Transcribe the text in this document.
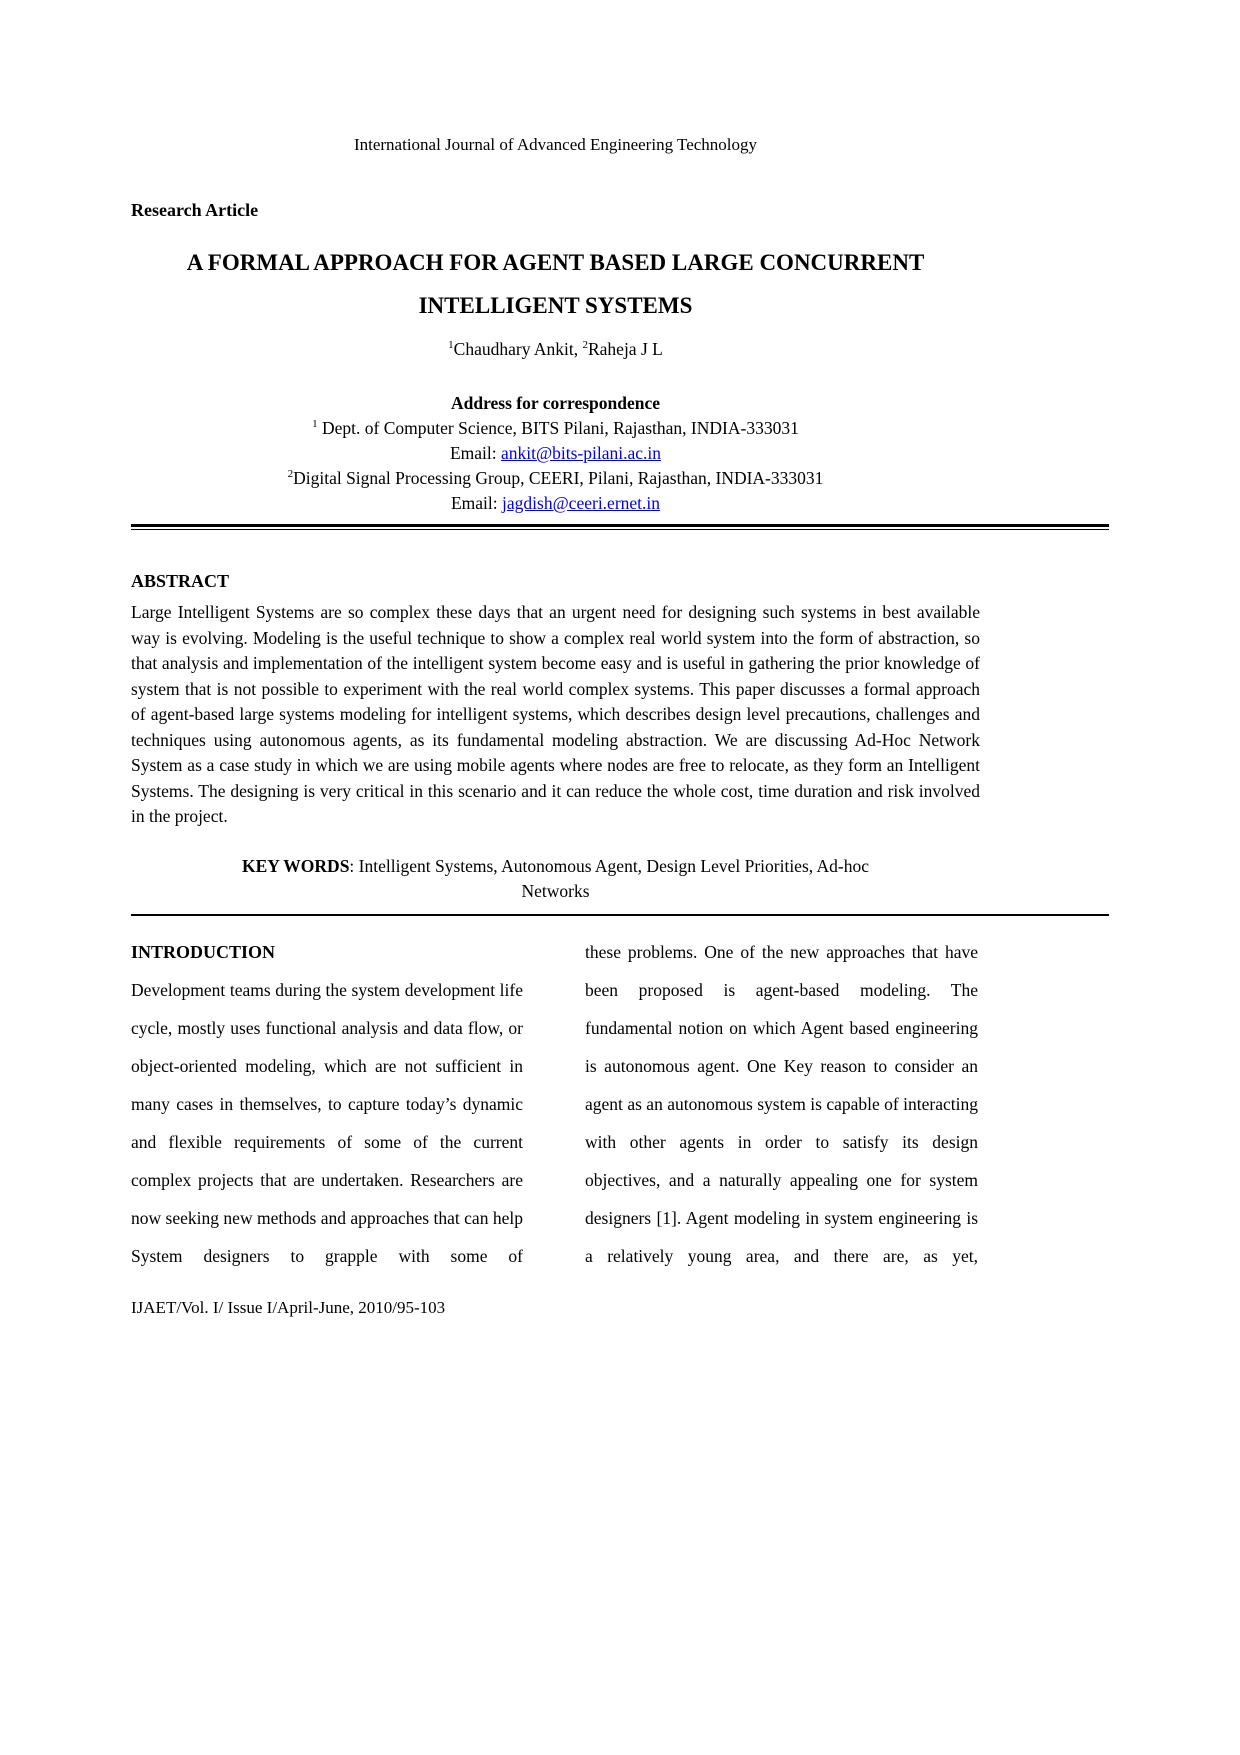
International Journal of Advanced Engineering Technology
Research Article
A FORMAL APPROACH FOR AGENT BASED LARGE CONCURRENT
INTELLIGENT SYSTEMS
$^1$Chaudhary Ankit, $^2$Raheja J L
Address for correspondence
$^1$ Dept. of Computer Science, BITS Pilani, Rajasthan, INDIA-333031
Email: ankit@bits-pilani.ac.in
$^2$Digital Signal Processing Group, CEERI, Pilani, Rajasthan, INDIA-333031
Email: jagdish@ceeri.ernet.in
ABSTRACT

Large Intelligent Systems are so complex these days that an urgent need for designing such systems in best available way is evolving. Modeling is the useful technique to show a complex real world system into the form of abstraction, so that analysis and implementation of the intelligent system become easy and is useful in gathering the prior knowledge of system that is not possible to experiment with the real world complex systems. This paper discusses a formal approach of agent-based large systems modeling for intelligent systems, which describes design level precautions, challenges and techniques using autonomous agents, as its fundamental modeling abstraction. We are discussing Ad-Hoc Network System as a case study in which we are using mobile agents where nodes are free to relocate, as they form an Intelligent Systems. The designing is very critical in this scenario and it can reduce the whole cost, time duration and risk involved in the project.

KEY WORDS: Intelligent Systems, Autonomous Agent, Design Level Priorities, Ad-hoc
Networks
INTRODUCTION

Development teams during the system development life cycle, mostly uses functional analysis and data flow, or object-oriented modeling, which are not sufficient in many cases in themselves, to capture today’s dynamic and flexible requirements of some of the current complex projects that are undertaken. Researchers are now seeking new methods and approaches that can help System designers to grapple with some of

these problems. One of the new approaches that have been proposed is agent-based modeling. The fundamental notion on which Agent based engineering is autonomous agent. One Key reason to consider an agent as an autonomous system is capable of interacting with other agents in order to satisfy its design objectives, and a naturally appealing one for system designers [1]. Agent modeling in system engineering is a relatively young area, and there are, as yet,

IJAET/Vol. I/ Issue I/April-June, 2010/95-103
